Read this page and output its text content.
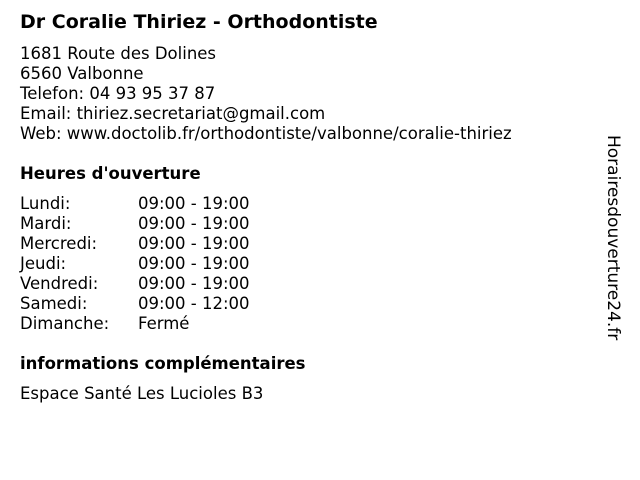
Dr Coralie Thiriez - Orthodontiste
1681 Route des Dolines
6560 Valbonne
Telefon: 04 93 95 37 87
Email: thiriez.secretariat@gmail.com
Web: www.doctolib.fr/orthodontiste/valbonne/coralie-thiriez
Heures d'ouverture
Lundi:	09:00 - 19:00
Mardi:	09:00 - 19:00
Mercredi:	09:00 - 19:00
Jeudi:	09:00 - 19:00
Vendredi:	09:00 - 19:00
Samedi:	09:00 - 12:00
Dimanche:	Fermé
informations complémentaires
Espace Santé Les Lucioles B3
Horairesdouverture24.fr
